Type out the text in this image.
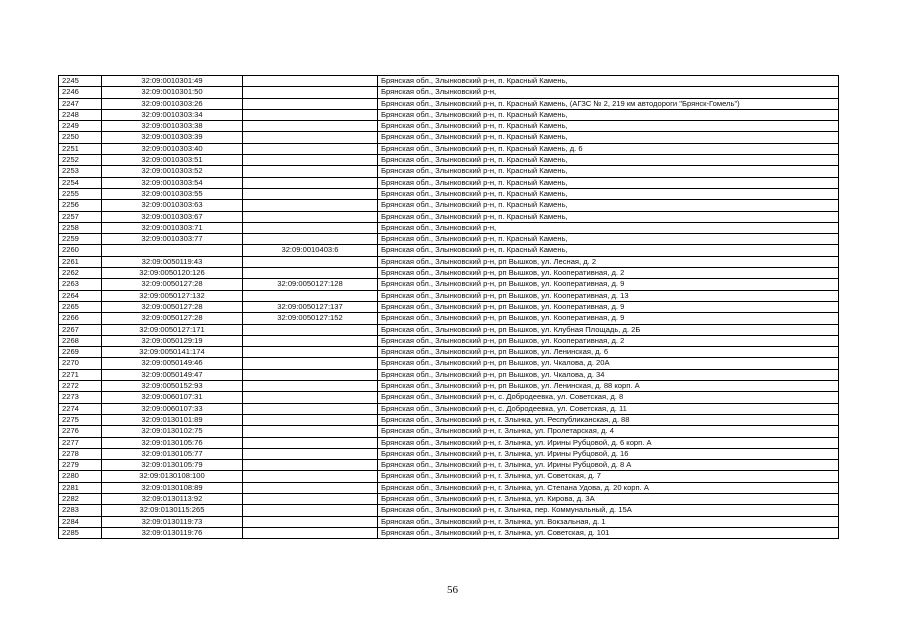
2245	32:09:0010301:49		Брянская обл., Злынковский р-н, п. Красный Камень,
2246	32:09:0010301:50		Брянская обл., Злынковский р-н,
2247	32:09:0010303:26		Брянская обл., Злынковский р-н, п. Красный Камень, (АГЗС № 2, 219 км автодороги "Брянск-Гомель")
2248	32:09:0010303:34		Брянская обл., Злынковский р-н, п. Красный Камень,
2249	32:09:0010303:38		Брянская обл., Злынковский р-н, п. Красный Камень,
2250	32:09:0010303:39		Брянская обл., Злынковский р-н, п. Красный Камень,
2251	32:09:0010303:40		Брянская обл., Злынковский р-н, п. Красный Камень, д. 6
2252	32:09:0010303:51		Брянская обл., Злынковский р-н, п. Красный Камень,
2253	32:09:0010303:52		Брянская обл., Злынковский р-н, п. Красный Камень,
2254	32:09:0010303:54		Брянская обл., Злынковский р-н, п. Красный Камень,
2255	32:09:0010303:55		Брянская обл., Злынковский р-н, п. Красный Камень,
2256	32:09:0010303:63		Брянская обл., Злынковский р-н, п. Красный Камень,
2257	32:09:0010303:67		Брянская обл., Злынковский р-н, п. Красный Камень,
2258	32:09:0010303:71		Брянская обл., Злынковский р-н,
2259	32:09:0010303:77		Брянская обл., Злынковский р-н, п. Красный Камень,
2260		32:09:0010403:6	Брянская обл., Злынковский р-н, п. Красный Камень,
2261	32:09:0050119:43		Брянская обл., Злынковский р-н, рп Вышков, ул. Лесная, д. 2
2262	32:09:0050120:126		Брянская обл., Злынковский р-н, рп Вышков, ул. Кооперативная, д. 2
2263	32:09:0050127:28	32:09:0050127:128	Брянская обл., Злынковский р-н, рп Вышков, ул. Кооперативная, д. 9
2264	32:09:0050127:132		Брянская обл., Злынковский р-н, рп Вышков, ул. Кооперативная, д. 13
2265	32:09:0050127:28	32:09:0050127:137	Брянская обл., Злынковский р-н, рп Вышков, ул. Кооперативная, д. 9
2266	32:09:0050127:28	32:09:0050127:152	Брянская обл., Злынковский р-н, рп Вышков, ул. Кооперативная, д. 9
2267	32:09:0050127:171		Брянская обл., Злынковский р-н, рп Вышков, ул. Клубная Площадь, д. 2Б
2268	32:09:0050129:19		Брянская обл., Злынковский р-н, рп Вышков, ул. Кооперативная, д. 2
2269	32:09:0050141:174		Брянская обл., Злынковский р-н, рп Вышков, ул. Ленинская, д. 6
2270	32:09:0050149:46		Брянская обл., Злынковский р-н, рп Вышков, ул. Чкалова, д. 20А
2271	32:09:0050149:47		Брянская обл., Злынковский р-н, рп Вышков, ул. Чкалова, д. 34
2272	32:09:0050152:93		Брянская обл., Злынковский р-н, рп Вышков, ул. Ленинская, д. 88 корп. А
2273	32:09:0060107:31		Брянская обл., Злынковский р-н, с. Добродеевка, ул. Советская, д. 8
2274	32:09:0060107:33		Брянская обл., Злынковский р-н, с. Добродеевка, ул. Советская, д. 11
2275	32:09:0130101:89		Брянская обл., Злынковский р-н, г. Злынка, ул. Республиканская, д. 88
2276	32:09:0130102:75		Брянская обл., Злынковский р-н, г. Злынка, ул. Пролетарская, д. 4
2277	32:09:0130105:76		Брянская обл., Злынковский р-н, г. Злынка, ул. Ирины Рубцовой, д. 6 корп. А
2278	32:09:0130105:77		Брянская обл., Злынковский р-н, г. Злынка, ул. Ирины Рубцовой, д. 16
2279	32:09:0130105:79		Брянская обл., Злынковский р-н, г. Злынка, ул. Ирины Рубцовой, д. 8 А
2280	32:09:0130108:100		Брянская обл., Злынковский р-н, г. Злынка, ул. Советская, д. 7
2281	32:09:0130108:89		Брянская обл., Злынковский р-н, г. Злынка, ул. Степана Удова, д. 20 корп. А
2282	32:09:0130113:92		Брянская обл., Злынковский р-н, г. Злынка, ул. Кирова, д. 3А
2283	32:09:0130115:265		Брянская обл., Злынковский р-н, г. Злынка, пер. Коммунальный, д. 15А
2284	32:09:0130119:73		Брянская обл., Злынковский р-н, г. Злынка, ул. Вокзальная, д. 1
2285	32:09:0130119:76		Брянская обл., Злынковский р-н, г. Злынка, ул. Советская, д. 101
56
